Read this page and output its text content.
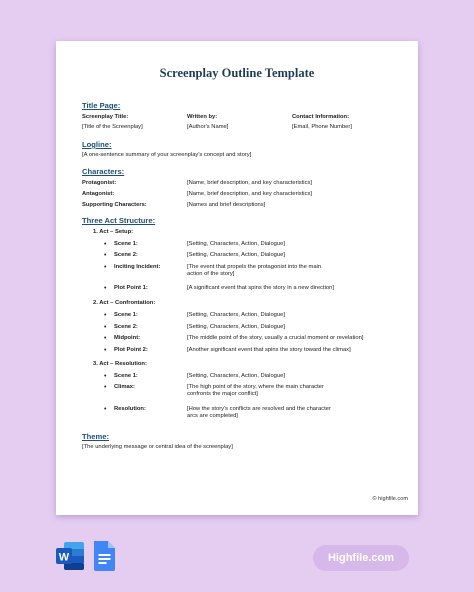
Screenplay Outline Template
Title Page:
Screenplay Title:
[Title of the Screenplay]
Written by:
[Author's Name]
Contact Information:
[Email, Phone Number]
Logline:
[A one-sentence summary of your screenplay's concept and story]
Characters:
Protagonist:	[Name, brief description, and key characteristics]
Antagonist:	[Name, brief description, and key characteristics]
Supporting Characters:	[Names and brief descriptions]
Three Act Structure:
1. Act – Setup:
• Scene 1:	[Setting, Characters, Action, Dialogue]
• Scene 2:	[Setting, Characters, Action, Dialogue]
• Inciting Incident:	[The event that propels the protagonist into the main action of the story]
• Plot Point 1:	[A significant event that spins the story in a new direction]
2. Act – Confrontation:
• Scene 1:	[Setting, Characters, Action, Dialogue]
• Scene 2:	[Setting, Characters, Action, Dialogue]
• Midpoint:	[The middle point of the story, usually a crucial moment or revelation]
• Plot Point 2:	[Another significant event that spins the story toward the climax]
3. Act – Resolution:
• Scene 1:	[Setting, Characters, Action, Dialogue]
• Climax:	[The high point of the story, where the main character confronts the major conflict]
• Resolution:	[How the story's conflicts are resolved and the character arcs are completed]
Theme:
[The underlying message or central idea of the screenplay]
© highfile.com
W	Highfile.com
